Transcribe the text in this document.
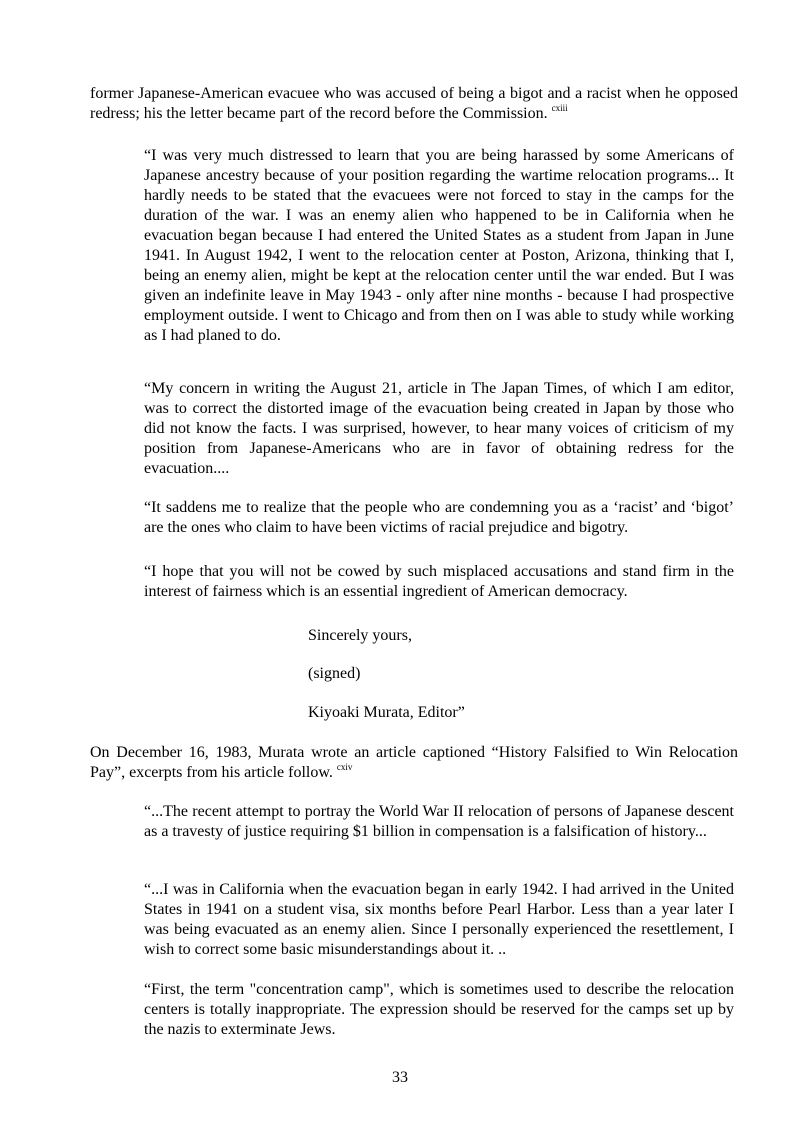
former Japanese-American evacuee who was accused of being a bigot and a racist when he opposed redress; his the letter became part of the record before the Commission. $^{cxiii}$

“I was very much distressed to learn that you are being harassed by some Americans of Japanese ancestry because of your position regarding the wartime relocation programs... It hardly needs to be stated that the evacuees were not forced to stay in the camps for the duration of the war. I was an enemy alien who happened to be in California when he evacuation began because I had entered the United States as a student from Japan in June 1941. In August 1942, I went to the relocation center at Poston, Arizona, thinking that I, being an enemy alien, might be kept at the relocation center until the war ended. But I was given an indefinite leave in May 1943 - only after nine months - because I had prospective employment outside. I went to Chicago and from then on I was able to study while working as I had planed to do.

“My concern in writing the August 21, article in The Japan Times, of which I am editor, was to correct the distorted image of the evacuation being created in Japan by those who did not know the facts. I was surprised, however, to hear many voices of criticism of my position from Japanese-Americans who are in favor of obtaining redress for the evacuation....

“It saddens me to realize that the people who are condemning you as a ‘racist’ and ‘bigot’ are the ones who claim to have been victims of racial prejudice and bigotry.

“I hope that you will not be cowed by such misplaced accusations and stand firm in the interest of fairness which is an essential ingredient of American democracy.

Sincerely yours,

(signed)

Kiyoaki Murata, Editor”

On December 16, 1983, Murata wrote an article captioned “History Falsified to Win Relocation Pay”, excerpts from his article follow. $^{cxiv}$

“...The recent attempt to portray the World War II relocation of persons of Japanese descent as a travesty of justice requiring $1 billion in compensation is a falsification of history...

“...I was in California when the evacuation began in early 1942. I had arrived in the United States in 1941 on a student visa, six months before Pearl Harbor. Less than a year later I was being evacuated as an enemy alien. Since I personally experienced the resettlement, I wish to correct some basic misunderstandings about it. ..

“First, the term "concentration camp", which is sometimes used to describe the relocation centers is totally inappropriate. The expression should be reserved for the camps set up by the nazis to exterminate Jews.

33
